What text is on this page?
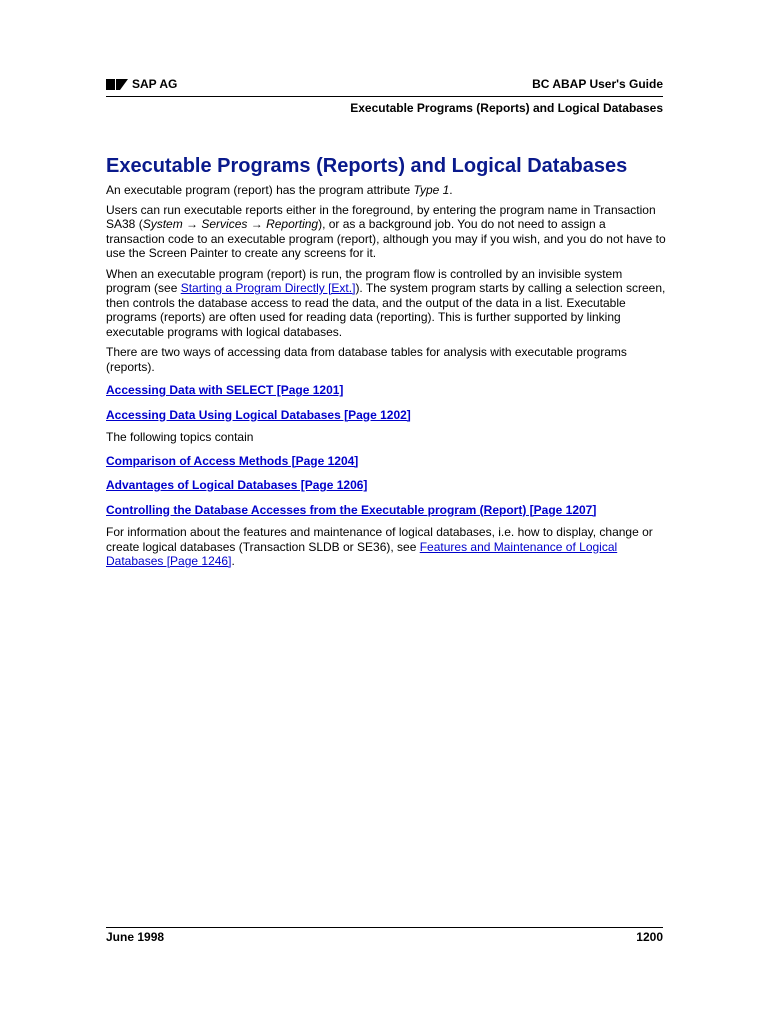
SAP AG	BC ABAP User's Guide
Executable Programs (Reports) and Logical Databases
Executable Programs (Reports) and Logical Databases

An executable program (report) has the program attribute Type 1.

Users can run executable reports either in the foreground, by entering the program name in Transaction SA38 (System → Services → Reporting), or as a background job. You do not need to assign a transaction code to an executable program (report), although you may if you wish, and you do not have to use the Screen Painter to create any screens for it.

When an executable program (report) is run, the program flow is controlled by an invisible system program (see Starting a Program Directly [Ext.]). The system program starts by calling a selection screen, then controls the database access to read the data, and the output of the data in a list. Executable programs (reports) are often used for reading data (reporting). This is further supported by linking executable programs with logical databases.

There are two ways of accessing data from database tables for analysis with executable programs (reports).

Accessing Data with SELECT [Page 1201]
Accessing Data Using Logical Databases [Page 1202]

The following topics contain

Comparison of Access Methods [Page 1204]
Advantages of Logical Databases [Page 1206]
Controlling the Database Accesses from the Executable program (Report) [Page 1207]

For information about the features and maintenance of logical databases, i.e. how to display, change or create logical databases (Transaction SLDB or SE36), see Features and Maintenance of Logical Databases [Page 1246].

June 1998	1200
